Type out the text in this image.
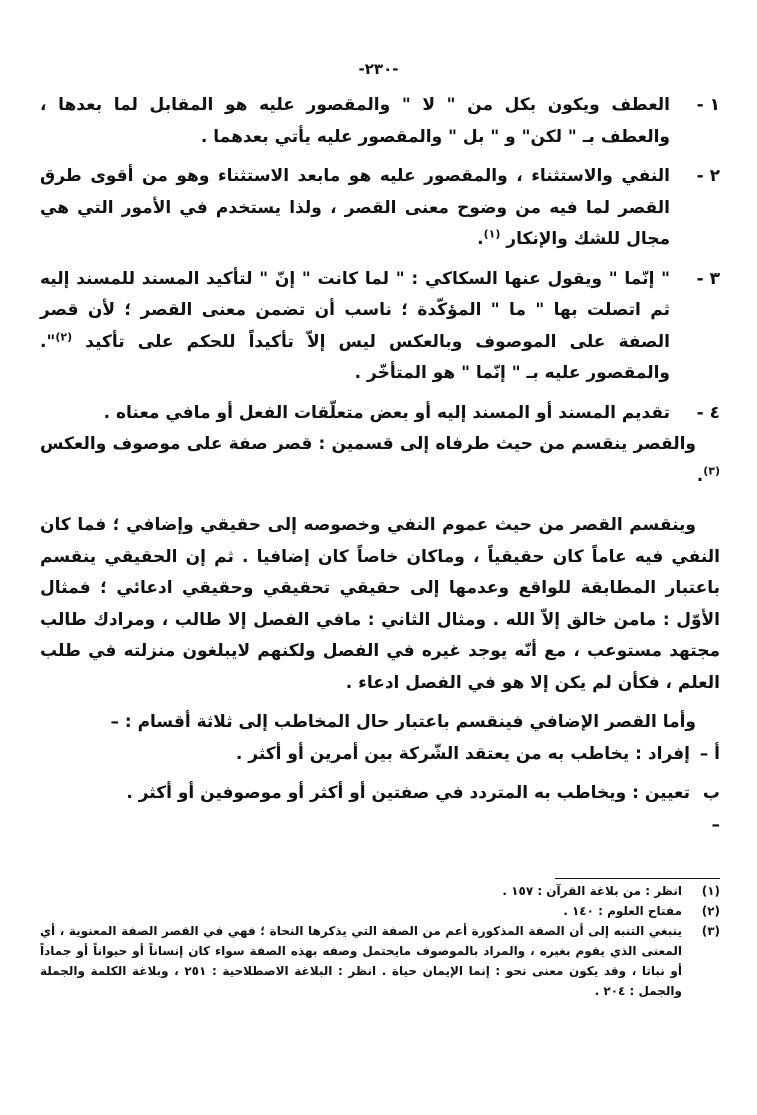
-٢٣٠-
١ -
العطف ويكون بكل من " لا " والمقصور عليه هو المقابل لما بعدها ، والعطف بـ " لكن" و " بل " والمقصور عليه يأتي بعدهما .
٢ -
النفي والاستثناء ، والمقصور عليه هو مابعد الاستثناء وهو من أقوى طرق القصر لما فيه من وضوح معنى القصر ، ولذا يستخدم في الأمور التي هي مجال للشك والإنكار $^{(١)}$.
٣ -
" إنّما " ويقول عنها السكاكي : " لما كانت " إنّ " لتأكيد المسند للمسند إليه ثم اتصلت بها " ما " المؤكّدة ؛ ناسب أن تضمن معنى القصر ؛ لأن قصر الصفة على الموصوف وبالعكس ليس إلاّ تأكيداً للحكم على تأكيد $^{(٢)}$". والمقصور عليه بـ " إنّما " هو المتأخّر .
٤ -
تقديم المسند أو المسند إليه أو بعض متعلّقات الفعل أو مافي معناه .

والقصر ينقسم من حيث طرفاه إلى قسمين : قصر صفة على موصوف والعكس $^{(٣)}$.

وينقسم القصر من حيث عموم النفي وخصوصه إلى حقيقي وإضافي ؛ فما كان النفي فيه عاماً كان حقيقياً ، وماكان خاصاً كان إضافيا . ثم إن الحقيقي ينقسم باعتبار المطابقة للواقع وعدمها إلى حقيقي تحقيقي وحقيقي ادعائي ؛ فمثال الأوّل : مامن خالق إلاّ الله . ومثال الثاني : مافي الفصل إلا طالب ، ومرادك طالب مجتهد مستوعب ، مع أنّه يوجد غيره في الفصل ولكنهم لايبلغون منزلته في طلب العلم ، فكأن لم يكن إلا هو في الفصل ادعاء .

وأما القصر الإضافي فينقسم باعتبار حال المخاطب إلى ثلاثة أقسام : –

أ –
إفراد : يخاطب به من يعتقد الشّركة بين أمرين أو أكثر .
ب –
تعيين : ويخاطب به المتردد في صفتين أو أكثر أو موصوفين أو أكثر .
(١)
انظر : من بلاغة القرآن : ١٥٧ .
(٢)
مفتاح العلوم : ١٤٠ .
(٣)
ينبغي التنبه إلى أن الصفة المذكورة أعم من الصفة التي يذكرها النحاة ؛ فهي في القصر الصفة المعنوية ، أي المعنى الذي يقوم بغيره ، والمراد بالموصوف مايحتمل وصفه بهذه الصفة سواء كان إنساناً أو حيواناً أو جماداً أو نباتا ، وقد يكون معنى نحو : إنما الإيمان حياة . انظر : البلاغة الاصطلاحية : ٢٥١ ، وبلاغة الكلمة والجملة والجمل : ٢٠٤ .
